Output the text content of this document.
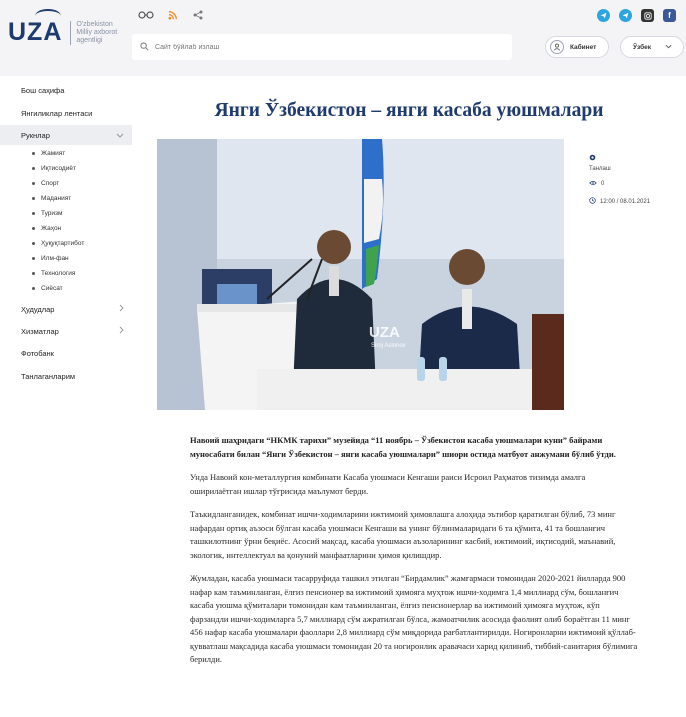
UZA O'zbekiston
Milliy axborot
agentligi
f
Сайт бўйлаб излаш
Кабинет	Ўзбек
Бош саҳифа
Янгиликлар лентаси
Рукнлар
Жамият
Иқтисодиёт
Спорт
Маданият
Туризм
Жаҳон
Ҳуқуқтартибот
Илм-фан
Технология
Сиёсат
Ҳудудлар
Хизматлар
Фотобанк
Танлаганларим
Янги Ўзбекистон – янги касаба уюшмалари
UZA
Siroj Aslonov
Танлаш
0
12:00 / 08.01.2021

Навоий шаҳридаги “НКМК тарихи” музейида “11 ноябрь – Ўзбекистон касаба уюшмалари куни” байрами муносабати билан “Янги Ўзбекистон – янги касаба уюшмалари” шиори остида матбуот анжумани бўлиб ўтди.

Унда Навоий кон-металлургия комбинати Касаба уюшмаси Кенгаши раиси Исроил Раҳматов тизимда амалга оширилаётган ишлар тўғрисида маълумот берди.

Таъкидланганидек, комбинат ишчи-ходимларини ижтимоий ҳимоялашга алоҳида эътибор қаратилган бўлиб, 73 минг нафардан ортиқ аъзоси бўлган касаба уюшмаси Кенгаши ва унинг бўлинмаларидаги 6 та қўмита, 41 та бошланғич ташкилотнинг ўрни беқиёс. Асосий мақсад, касаба уюшмаси аъзоларининг касбий, ижтимоий, иқтисодий, маънавий, экологик, интеллектуал ва қонуний манфаатларини ҳимоя қилишдир.

Жумладан, касаба уюшмаси тасарруфида ташкил этилган “Бирдамлик” жамғармаси томонидан 2020-2021 йилларда 900 нафар кам таъминланган, ёлғиз пенсионер ва ижтимоий ҳимояга муҳтож ишчи-ходимга 1,4 миллиард сўм, бошланғич касаба уюшма қўмиталари томонидан кам таъминланган, ёлғиз пенсионерлар ва ижтимоий ҳимояга муҳтож, кўп фарзандли ишчи-ходимларга 5,7 миллиард сўм ажратилган бўлса, жамоатчилик асосида фаолият олиб бораётган 11 минг 456 нафар касаба уюшмалари фаоллари 2,8 миллиард сўм миқдорида рағбатлантирилди. Ногиронларни ижтимоий қўллаб-қувватлаш мақсадида касаба уюшмаси томонидан 20 та ногиронлик аравачаси харид қилиниб, тиббий-санитария бўлимига берилди.
